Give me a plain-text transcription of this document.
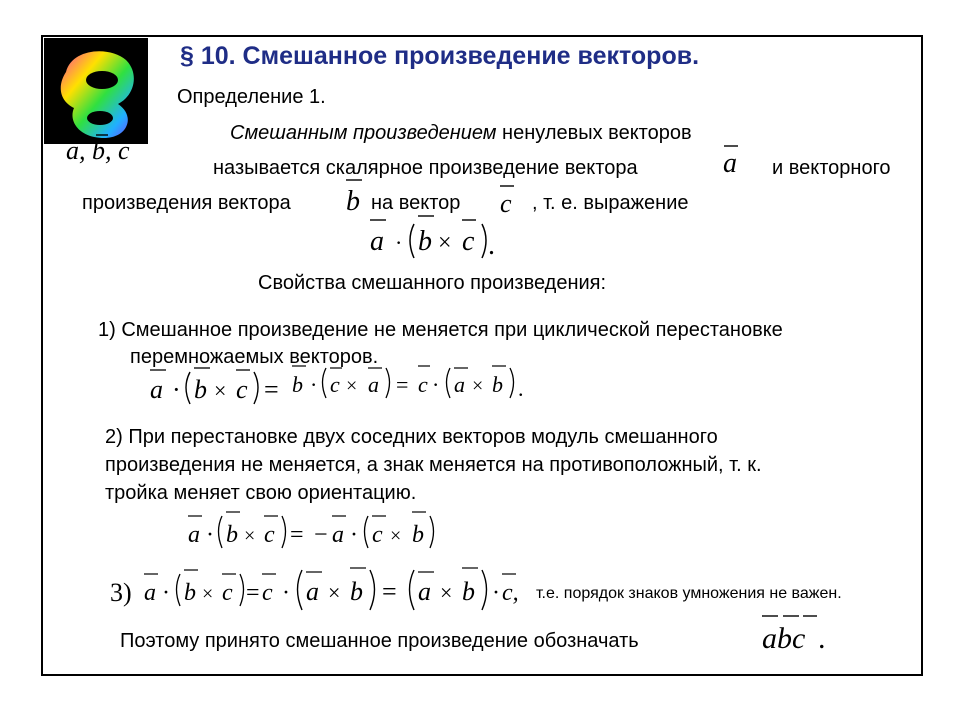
§ 10. Смешанное произведение векторов.
Определение 1.
Смешанным произведением ненулевых векторов
a, b, c
называется скалярное произведение вектора	a и векторного
произведения вектора b на вектор c , т. е. выражение
a · b × c .
Свойства смешанного произведения:
1) Смешанное произведение не меняется при циклической перестановке
перемножаемых векторов.
a · b × c = b · c × a = c · a × b .
2) При перестановке двух соседних векторов модуль смешанного
произведения не меняется, а знак меняется на противоположный, т. к.
тройка меняет свою ориентацию.
a · b × c = − a · c × b
3) a · b × c = c · a × b = a × b · c, т.е. порядок знаков умножения не важен.
Поэтому принято смешанное произведение обозначать	abc .
